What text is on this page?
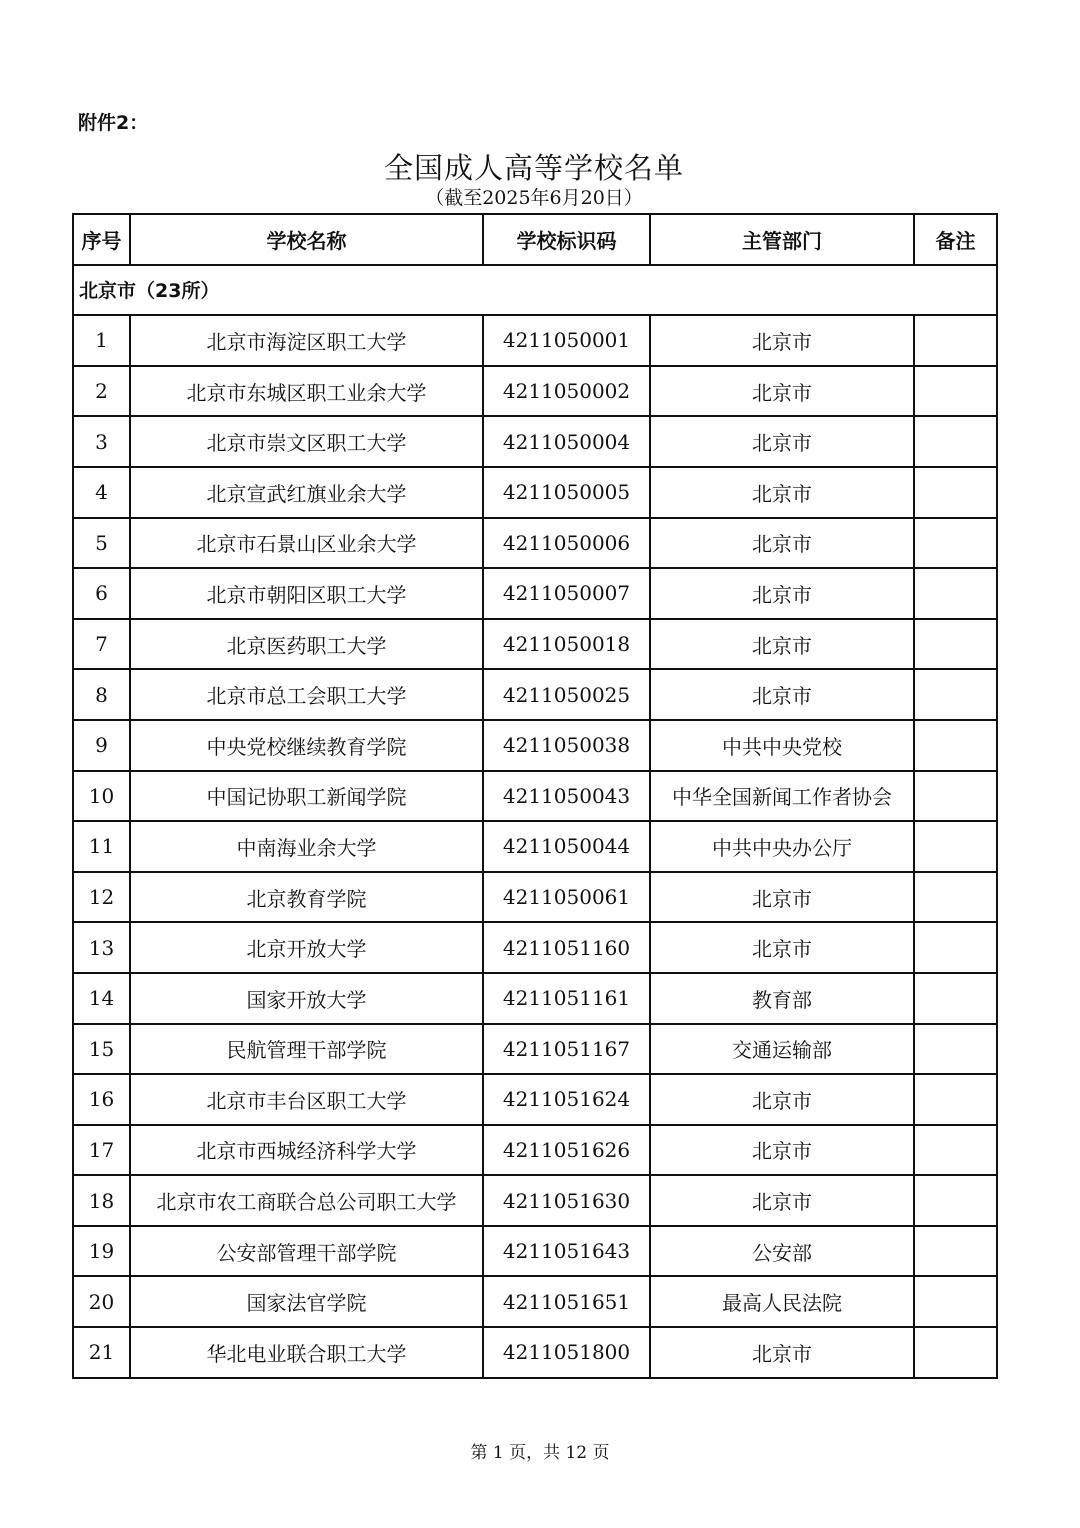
附件2：
全国成人高等学校名单
（截至2025年6月20日）
序号	学校名称	学校标识码	主管部门	备注
北京市（23所）				
1	北京市海淀区职工大学	4211050001	北京市	
2	北京市东城区职工业余大学	4211050002	北京市	
3	北京市崇文区职工大学	4211050004	北京市	
4	北京宣武红旗业余大学	4211050005	北京市	
5	北京市石景山区业余大学	4211050006	北京市	
6	北京市朝阳区职工大学	4211050007	北京市	
7	北京医药职工大学	4211050018	北京市	
8	北京市总工会职工大学	4211050025	北京市	
9	中央党校继续教育学院	4211050038	中共中央党校	
10	中国记协职工新闻学院	4211050043	中华全国新闻工作者协会	
11	中南海业余大学	4211050044	中共中央办公厅	
12	北京教育学院	4211050061	北京市	
13	北京开放大学	4211051160	北京市	
14	国家开放大学	4211051161	教育部	
15	民航管理干部学院	4211051167	交通运输部	
16	北京市丰台区职工大学	4211051624	北京市	
17	北京市西城经济科学大学	4211051626	北京市	
18	北京市农工商联合总公司职工大学	4211051630	北京市	
19	公安部管理干部学院	4211051643	公安部	
20	国家法官学院	4211051651	最高人民法院	
21	华北电业联合职工大学	4211051800	北京市	
第 1 页，共 12 页
